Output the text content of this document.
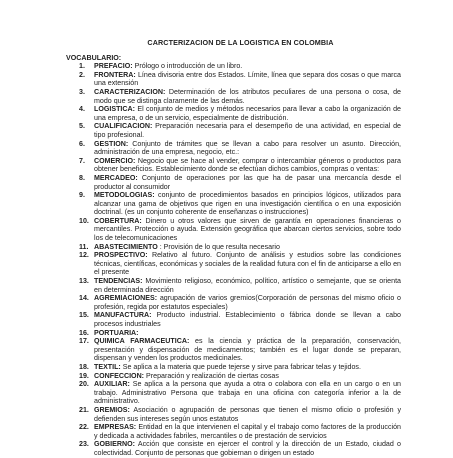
CARCTERIZACION DE LA LOGISTICA EN COLOMBIA
VOCABULARIO:
1. PREFACIO: Prólogo o introducción de un libro.
2. FRONTERA: Línea divisoria entre dos Estados. Límite, línea que separa dos cosas o que marca una extensión
3. CARACTERIZACION: Determinación de los atributos peculiares de una persona o cosa, de modo que se distinga claramente de las demás.
4. LOGISTICA: El conjunto de medios y métodos necesarios para llevar a cabo la organización de una empresa, o de un servicio, especialmente de distribución.
5. CUALIFICACION: Preparación necesaria para el desempeño de una actividad, en especial de tipo profesional.
6. GESTION: Conjunto de trámites que se llevan a cabo para resolver un asunto. Dirección, administración de una empresa, negocio, etc.:
7. COMERCIO: Negocio que se hace al vender, comprar o intercambiar géneros o productos para obtener beneficios. Establecimiento donde se efectúan dichos cambios, compras o ventas:
8. MERCADEO: Conjunto de operaciones por las que ha de pasar una mercancía desde el productor al consumidor
9. METODOLOGIAS: conjunto de procedimientos basados en principios lógicos, utilizados para alcanzar una gama de objetivos que rigen en una investigación científica o en una exposición doctrinal. (es un conjunto coherente de enseñanzas o instrucciones)
10. COBERTURA: Dinero u otros valores que sirven de garantía en operaciones financieras o mercantiles. Protección o ayuda. Extensión geográfica que abarcan ciertos servicios, sobre todo los de telecomunicaciones
11. ABASTECIMIENTO : Provisión de lo que resulta necesario
12. PROSPECTIVO: Relativo al futuro. Conjunto de análisis y estudios sobre las condiciones técnicas, científicas, económicas y sociales de la realidad futura con el fin de anticiparse a ello en el presente
13. TENDENCIAS: Movimiento religioso, económico, político, artístico o semejante, que se orienta en determinada dirección
14. AGREMIACIONES: agrupación de varios gremios(Corporación de personas del mismo oficio o profesión, regida por estatutos especiales)
15. MANUFACTURA: Producto industrial. Establecimiento o fábrica donde se llevan a cabo procesos industriales
16. PORTUARIA:
17. QUIMICA FARMACEUTICA: es la ciencia y práctica de la preparación, conservación, presentación y dispensación de medicamentos; también es el lugar donde se preparan, dispensan y venden los productos medicinales.
18. TEXTIL: Se aplica a la materia que puede tejerse y sirve para fabricar telas y tejidos.
19. CONFECCION: Preparación y realización de ciertas cosas
20. AUXILIAR: Se aplica a la persona que ayuda a otra o colabora con ella en un cargo o en un trabajo. Administrativo Persona que trabaja en una oficina con categoría inferior a la de administrativo.
21. GREMIOS: Asociación o agrupación de personas que tienen el mismo oficio o profesión y defienden sus intereses según unos estatutos
22. EMPRESAS: Entidad en la que intervienen el capital y el trabajo como factores de la producción y dedicada a actividades fabriles, mercantiles o de prestación de servicios
23. GOBIERNO: Acción que consiste en ejercer el control y la dirección de un Estado, ciudad o colectividad. Conjunto de personas que gobiernan o dirigen un estado
